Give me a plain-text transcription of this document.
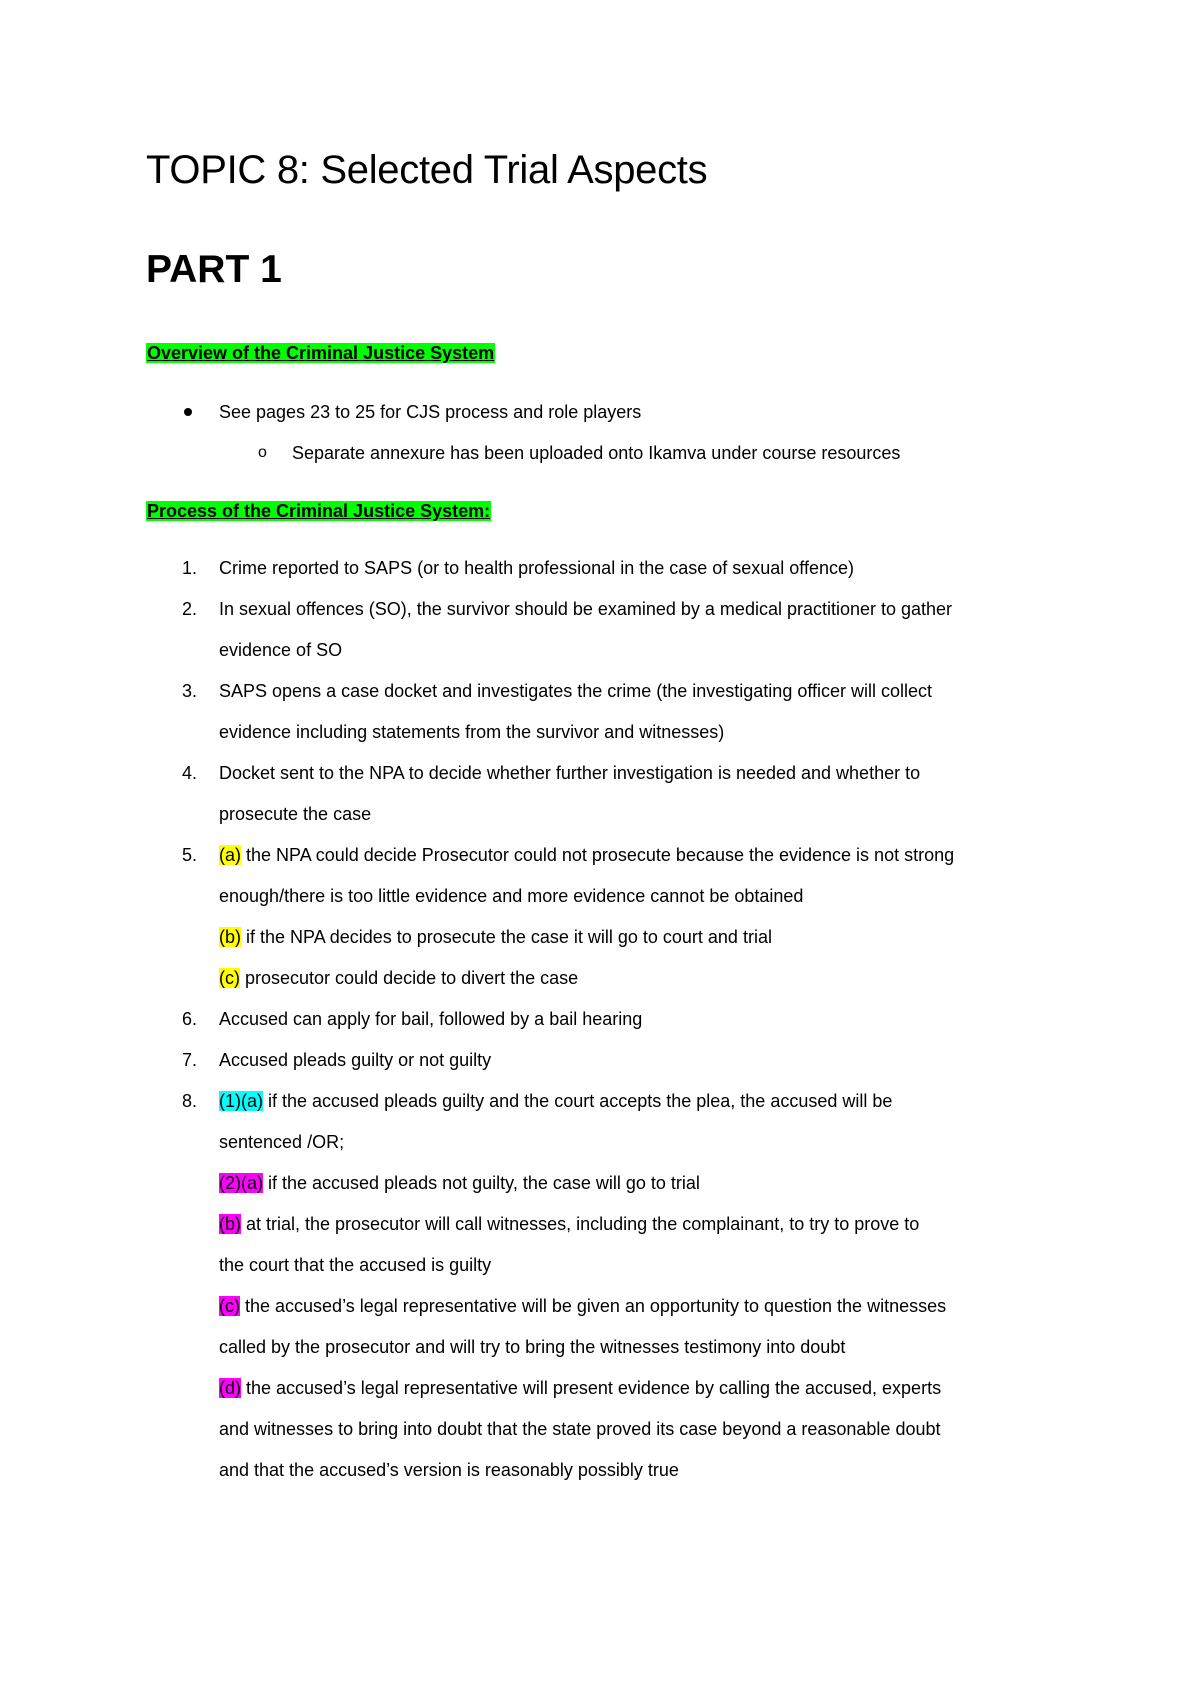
TOPIC 8: Selected Trial Aspects
PART 1
Overview of the Criminal Justice System
See pages 23 to 25 for CJS process and role players
o Separate annexure has been uploaded onto Ikamva under course resources
Process of the Criminal Justice System:
1. Crime reported to SAPS (or to health professional in the case of sexual offence)
2. In sexual offences (SO), the survivor should be examined by a medical practitioner to gather
evidence of SO
3. SAPS opens a case docket and investigates the crime (the investigating officer will collect
evidence including statements from the survivor and witnesses)
4. Docket sent to the NPA to decide whether further investigation is needed and whether to
prosecute the case
5. (a) the NPA could decide Prosecutor could not prosecute because the evidence is not strong
enough/there is too little evidence and more evidence cannot be obtained
(b) if the NPA decides to prosecute the case it will go to court and trial
(c) prosecutor could decide to divert the case
6. Accused can apply for bail, followed by a bail hearing
7. Accused pleads guilty or not guilty
8. (1)(a) if the accused pleads guilty and the court accepts the plea, the accused will be
sentenced /OR;
(2)(a) if the accused pleads not guilty, the case will go to trial
(b) at trial, the prosecutor will call witnesses, including the complainant, to try to prove to
the court that the accused is guilty
(c) the accused’s legal representative will be given an opportunity to question the witnesses
called by the prosecutor and will try to bring the witnesses testimony into doubt
(d) the accused’s legal representative will present evidence by calling the accused, experts
and witnesses to bring into doubt that the state proved its case beyond a reasonable doubt
and that the accused’s version is reasonably possibly true
